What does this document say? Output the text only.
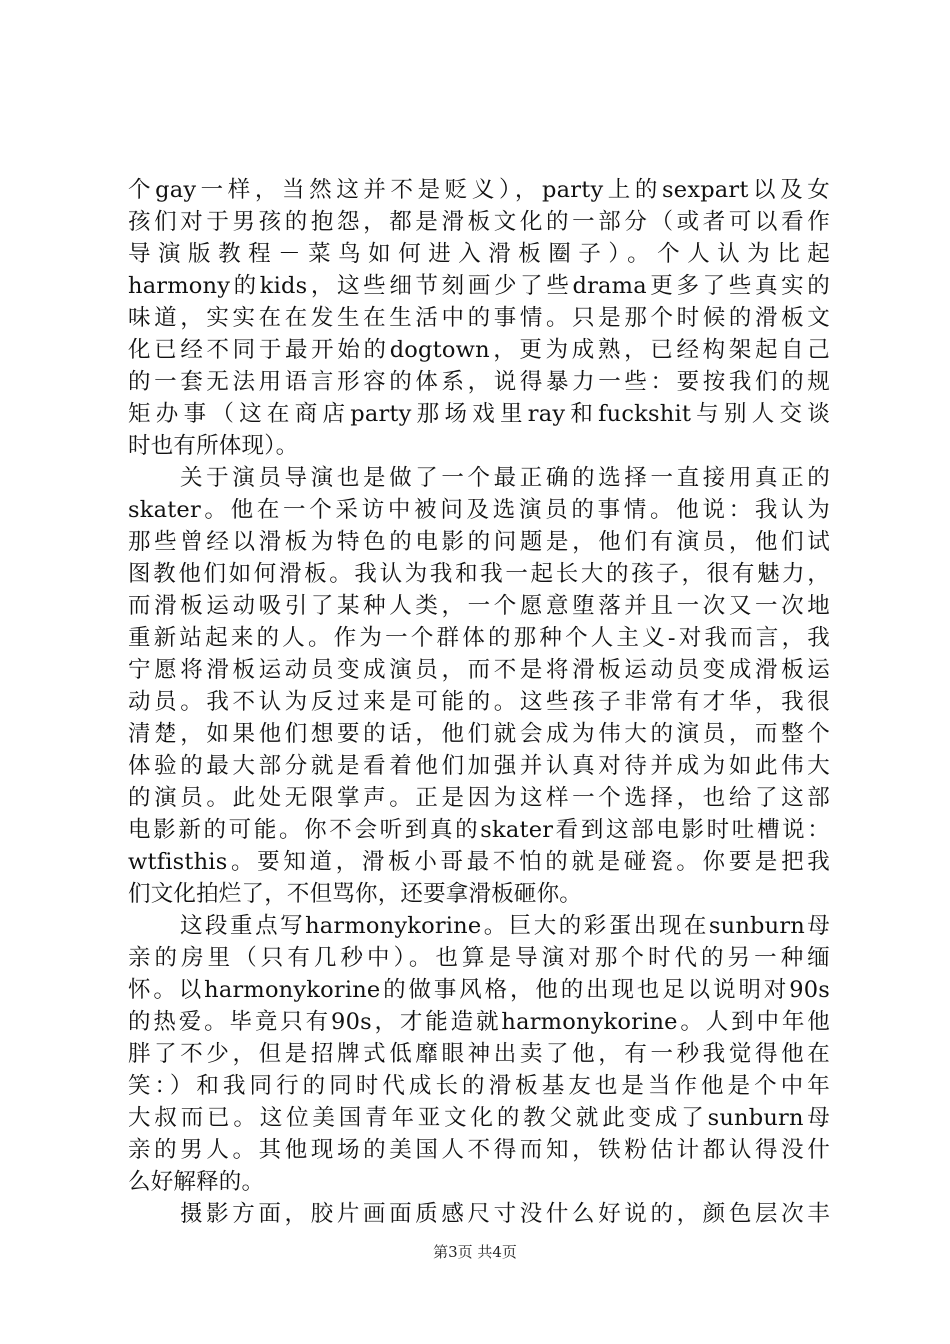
个gay一样，当然这并不是贬义），party上的sexpart以及女
孩们对于男孩的抱怨，都是滑板文化的一部分（或者可以看作
导演版教程－菜鸟如何进入滑板圈子）。个人认为比起
harmony的kids，这些细节刻画少了些drama更多了些真实的
味道，实实在在发生在生活中的事情。只是那个时候的滑板文
化已经不同于最开始的dogtown，更为成熟，已经构架起自己
的一套无法用语言形容的体系，说得暴力一些：要按我们的规
矩办事（这在商店party那场戏里ray和fuckshit与别人交谈
时也有所体现）。
关于演员导演也是做了一个最正确的选择一直接用真正的
skater。他在一个采访中被问及选演员的事情。他说：我认为
那些曾经以滑板为特色的电影的问题是，他们有演员，他们试
图教他们如何滑板。我认为我和我一起长大的孩子，很有魅力，
而滑板运动吸引了某种人类，一个愿意堕落并且一次又一次地
重新站起来的人。作为一个群体的那种个人主义-对我而言，我
宁愿将滑板运动员变成演员，而不是将滑板运动员变成滑板运
动员。我不认为反过来是可能的。这些孩子非常有才华，我很
清楚，如果他们想要的话，他们就会成为伟大的演员，而整个
体验的最大部分就是看着他们加强并认真对待并成为如此伟大
的演员。此处无限掌声。正是因为这样一个选择，也给了这部
电影新的可能。你不会听到真的skater看到这部电影时吐槽说：
wtfisthis。要知道，滑板小哥最不怕的就是碰瓷。你要是把我
们文化拍烂了，不但骂你，还要拿滑板砸你。
这段重点写harmonykorine。巨大的彩蛋出现在sunburn母
亲的房里（只有几秒中）。也算是导演对那个时代的另一种缅
怀。以harmonykorine的做事风格，他的出现也足以说明对90s
的热爱。毕竟只有90s，才能造就harmonykorine。人到中年他
胖了不少，但是招牌式低靡眼神出卖了他，有一秒我觉得他在
笑：）和我同行的同时代成长的滑板基友也是当作他是个中年
大叔而已。这位美国青年亚文化的教父就此变成了sunburn母
亲的男人。其他现场的美国人不得而知，铁粉估计都认得没什
么好解释的。
摄影方面，胶片画面质感尺寸没什么好说的，颜色层次丰
第3页 共4页
